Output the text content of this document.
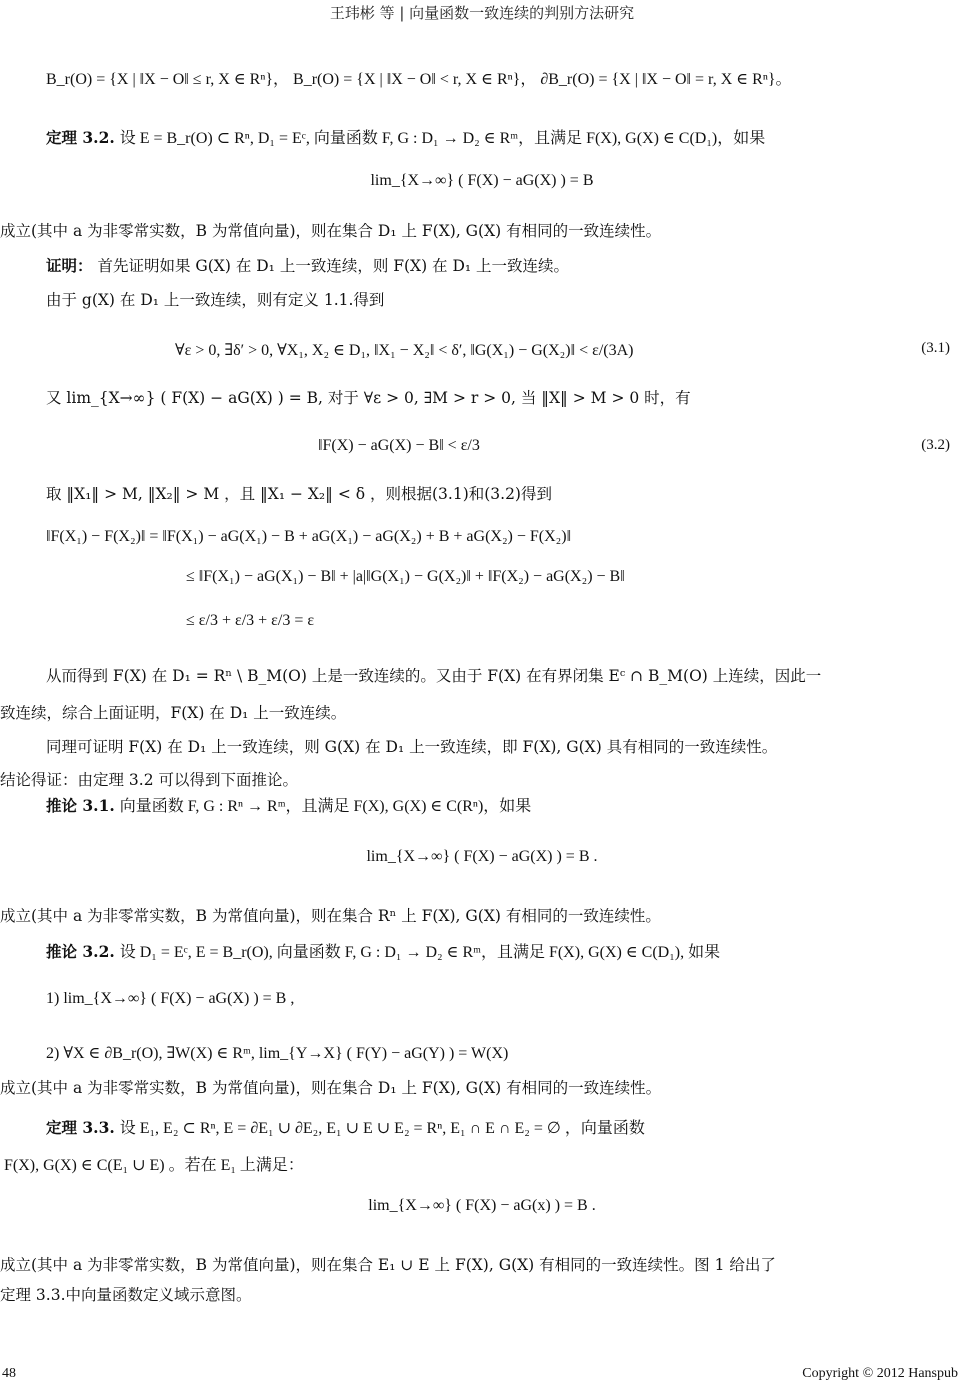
王玮彬 等 | 向量函数一致连续的判别方法研究
B_r(O) = {X | ‖X − O‖ ≤ r, X ∈ Rⁿ}， B_r(O) = {X | ‖X − O‖ < r, X ∈ Rⁿ}， ∂B_r(O) = {X | ‖X − O‖ = r, X ∈ Rⁿ}。
定理 3.2. 设 E = B_r(O) ⊂ Rⁿ, D₁ = Eᶜ, 向量函数 F, G : D₁ → D₂ ∈ Rᵐ，且满足 F(X), G(X) ∈ C(D₁)，如果
lim_{X→∞} ( F(X) − aG(X) ) = B
成立(其中 a 为非零常实数，B 为常值向量)，则在集合 D₁ 上 F(X), G(X) 有相同的一致连续性。
证明： 首先证明如果 G(X) 在 D₁ 上一致连续，则 F(X) 在 D₁ 上一致连续。
由于 g(X) 在 D₁ 上一致连续，则有定义 1.1.得到
∀ε > 0, ∃δ′ > 0, ∀X₁, X₂ ∈ D₁, ‖X₁ − X₂‖ < δ′, ‖G(X₁) − G(X₂)‖ < ε/(3A)	(3.1)
又 lim_{X→∞} ( F(X) − aG(X) ) = B, 对于 ∀ε > 0, ∃M > r > 0, 当 ‖X‖ > M > 0 时，有
‖F(X) − aG(X) − B‖ < ε/3	(3.2)
取 ‖X₁‖ > M, ‖X₂‖ > M ，且 ‖X₁ − X₂‖ < δ ，则根据(3.1)和(3.2)得到
‖F(X₁) − F(X₂)‖ = ‖F(X₁) − aG(X₁) − B + aG(X₁) − aG(X₂) + B + aG(X₂) − F(X₂)‖
≤ ‖F(X₁) − aG(X₁) − B‖ + |a|‖G(X₁) − G(X₂)‖ + ‖F(X₂) − aG(X₂) − B‖
≤ ε/3 + ε/3 + ε/3 = ε
从而得到 F(X) 在 D₁ = Rⁿ \ B_M(O) 上是一致连续的。又由于 F(X) 在有界闭集 Eᶜ ∩ B_M(O) 上连续，因此一
致连续，综合上面证明，F(X) 在 D₁ 上一致连续。
同理可证明 F(X) 在 D₁ 上一致连续，则 G(X) 在 D₁ 上一致连续，即 F(X), G(X) 具有相同的一致连续性。
结论得证：由定理 3.2 可以得到下面推论。
推论 3.1. 向量函数 F, G : Rⁿ → Rᵐ，且满足 F(X), G(X) ∈ C(Rⁿ)，如果
lim_{X→∞} ( F(X) − aG(X) ) = B .
成立(其中 a 为非零常实数，B 为常值向量)，则在集合 Rⁿ 上 F(X), G(X) 有相同的一致连续性。
推论 3.2. 设 D₁ = Eᶜ, E = B_r(O), 向量函数 F, G : D₁ → D₂ ∈ Rᵐ，且满足 F(X), G(X) ∈ C(D₁), 如果
1) lim_{X→∞} ( F(X) − aG(X) ) = B ,
2) ∀X ∈ ∂B_r(O), ∃W(X) ∈ Rᵐ, lim_{Y→X} ( F(Y) − aG(Y) ) = W(X)
成立(其中 a 为非零常实数，B 为常值向量)，则在集合 D₁ 上 F(X), G(X) 有相同的一致连续性。
定理 3.3. 设 E₁, E₂ ⊂ Rⁿ, E = ∂E₁ ∪ ∂E₂, E₁ ∪ E ∪ E₂ = Rⁿ, E₁ ∩ E ∩ E₂ = ∅ ，向量函数
F(X), G(X) ∈ C(E₁ ∪ E) 。若在 E₁ 上满足：
lim_{X→∞} ( F(X) − aG(x) ) = B .
成立(其中 a 为非零常实数，B 为常值向量)，则在集合 E₁ ∪ E 上 F(X), G(X) 有相同的一致连续性。图 1 给出了
定理 3.3.中向量函数定义域示意图。
48	Copyright © 2012 Hanspub
